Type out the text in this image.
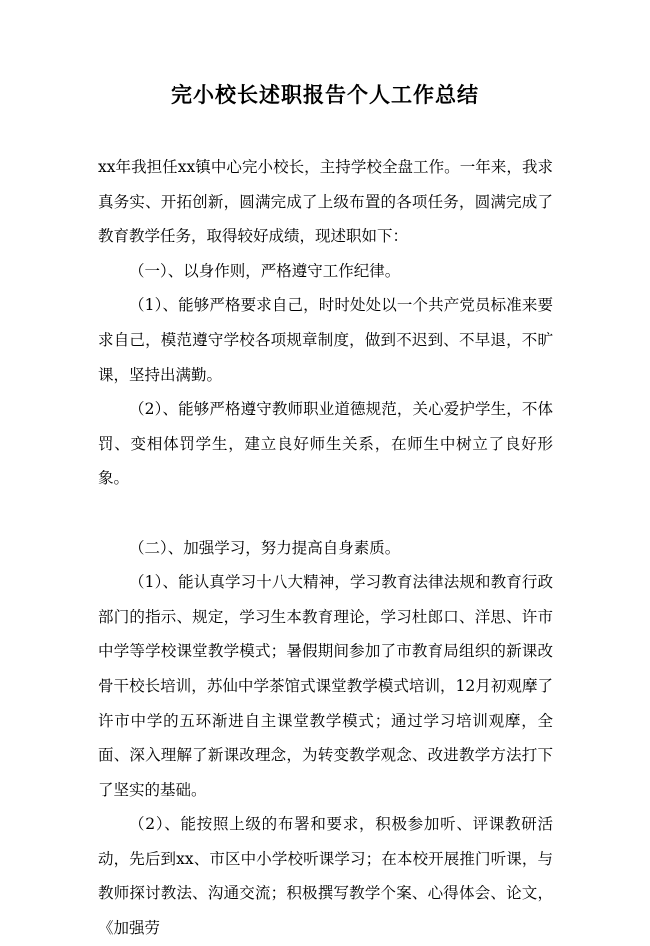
完小校长述职报告个人工作总结

xx年我担任xx镇中心完小校长，主持学校全盘工作。一年来，我求真务实、开拓创新，圆满完成了上级布置的各项任务，圆满完成了教育教学任务，取得较好成绩，现述职如下：

（一）、以身作则，严格遵守工作纪律。

（1）、能够严格要求自己，时时处处以一个共产党员标准来要求自己，模范遵守学校各项规章制度，做到不迟到、不早退，不旷课，坚持出满勤。

（2）、能够严格遵守教师职业道德规范，关心爱护学生，不体罚、变相体罚学生，建立良好师生关系，在师生中树立了良好形象。

（二）、加强学习，努力提高自身素质。

（1）、能认真学习十八大精神，学习教育法律法规和教育行政部门的指示、规定，学习生本教育理论，学习杜郎口、洋思、许市中学等学校课堂教学模式；暑假期间参加了市教育局组织的新课改骨干校长培训，苏仙中学茶馆式课堂教学模式培训，12月初观摩了许市中学的五环渐进自主课堂教学模式；通过学习培训观摩，全面、深入理解了新课改理念，为转变教学观念、改进教学方法打下了坚实的基础。

（2）、能按照上级的布署和要求，积极参加听、评课教研活动，先后到xx、市区中小学校听课学习；在本校开展推门听课，与教师探讨教法、沟通交流；积极撰写教学个案、心得体会、论文，《加强劳
